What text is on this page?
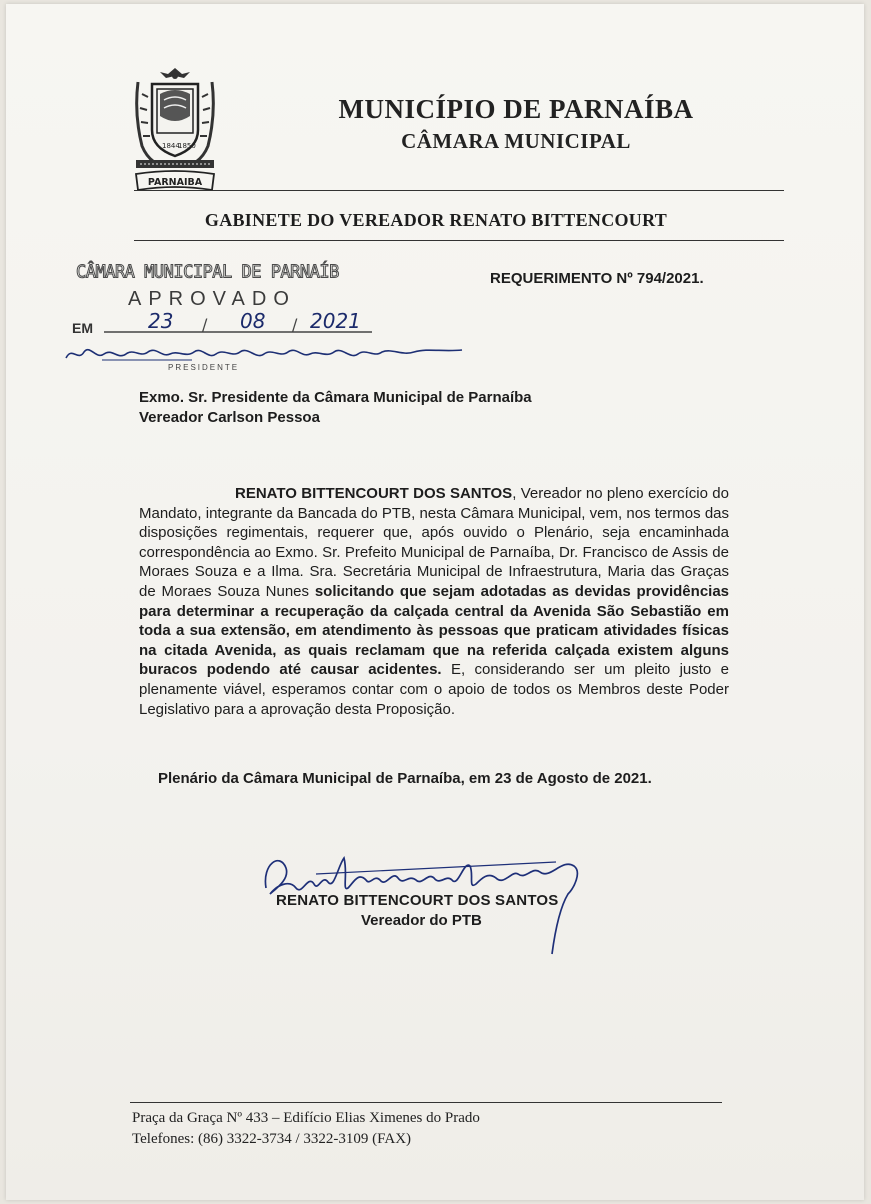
1844
1850
PARNAIBA
MUNICÍPIO DE PARNAÍBA
CÂMARA MUNICIPAL
GABINETE DO VEREADOR RENATO BITTENCOURT
CÂMARA MUNICIPAL DE PARNAÍB
APROVADO
EM	23 / 08 / 2021
PRESIDENTE
REQUERIMENTO Nº 794/2021.
Exmo. Sr. Presidente da Câmara Municipal de Parnaíba
Vereador Carlson Pessoa
RENATO BITTENCOURT DOS SANTOS, Vereador no pleno exercício do Mandato, integrante da Bancada do PTB, nesta Câmara Municipal, vem, nos termos das disposições regimentais, requerer que, após ouvido o Plenário, seja encaminhada correspondência ao Exmo. Sr. Prefeito Municipal de Parnaíba, Dr. Francisco de Assis de Moraes Souza e a Ilma. Sra. Secretária Municipal de Infraestrutura, Maria das Graças de Moraes Souza Nunes solicitando que sejam adotadas as devidas providências para determinar a recuperação da calçada central da Avenida São Sebastião em toda a sua extensão, em atendimento às pessoas que praticam atividades físicas na citada Avenida, as quais reclamam que na referida calçada existem alguns buracos podendo até causar acidentes. E, considerando ser um pleito justo e plenamente viável, esperamos contar com o apoio de todos os Membros deste Poder Legislativo para a aprovação desta Proposição.
Plenário da Câmara Municipal de Parnaíba, em 23 de Agosto de 2021.
RENATO BITTENCOURT DOS SANTOS
Vereador do PTB
Praça da Graça Nº 433 – Edifício Elias Ximenes do Prado
Telefones: (86) 3322-3734 / 3322-3109 (FAX)
